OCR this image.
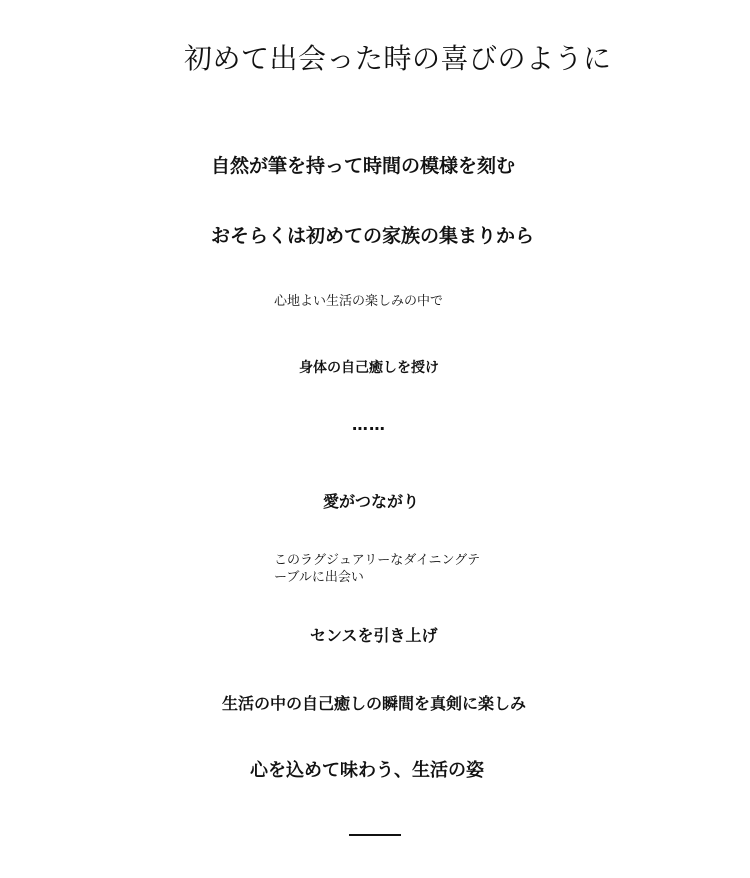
初めて出会った時の喜びのように

自然が筆を持って時間の模様を刻む

おそらくは初めての家族の集まりから

心地よい生活の楽しみの中で

身体の自己癒しを授け

⋯⋯

愛がつながり

このラグジュアリーなダイニングテーブルに出会い

センスを引き上げ

生活の中の自己癒しの瞬間を真剣に楽しみ

心を込めて味わう、生活の姿
